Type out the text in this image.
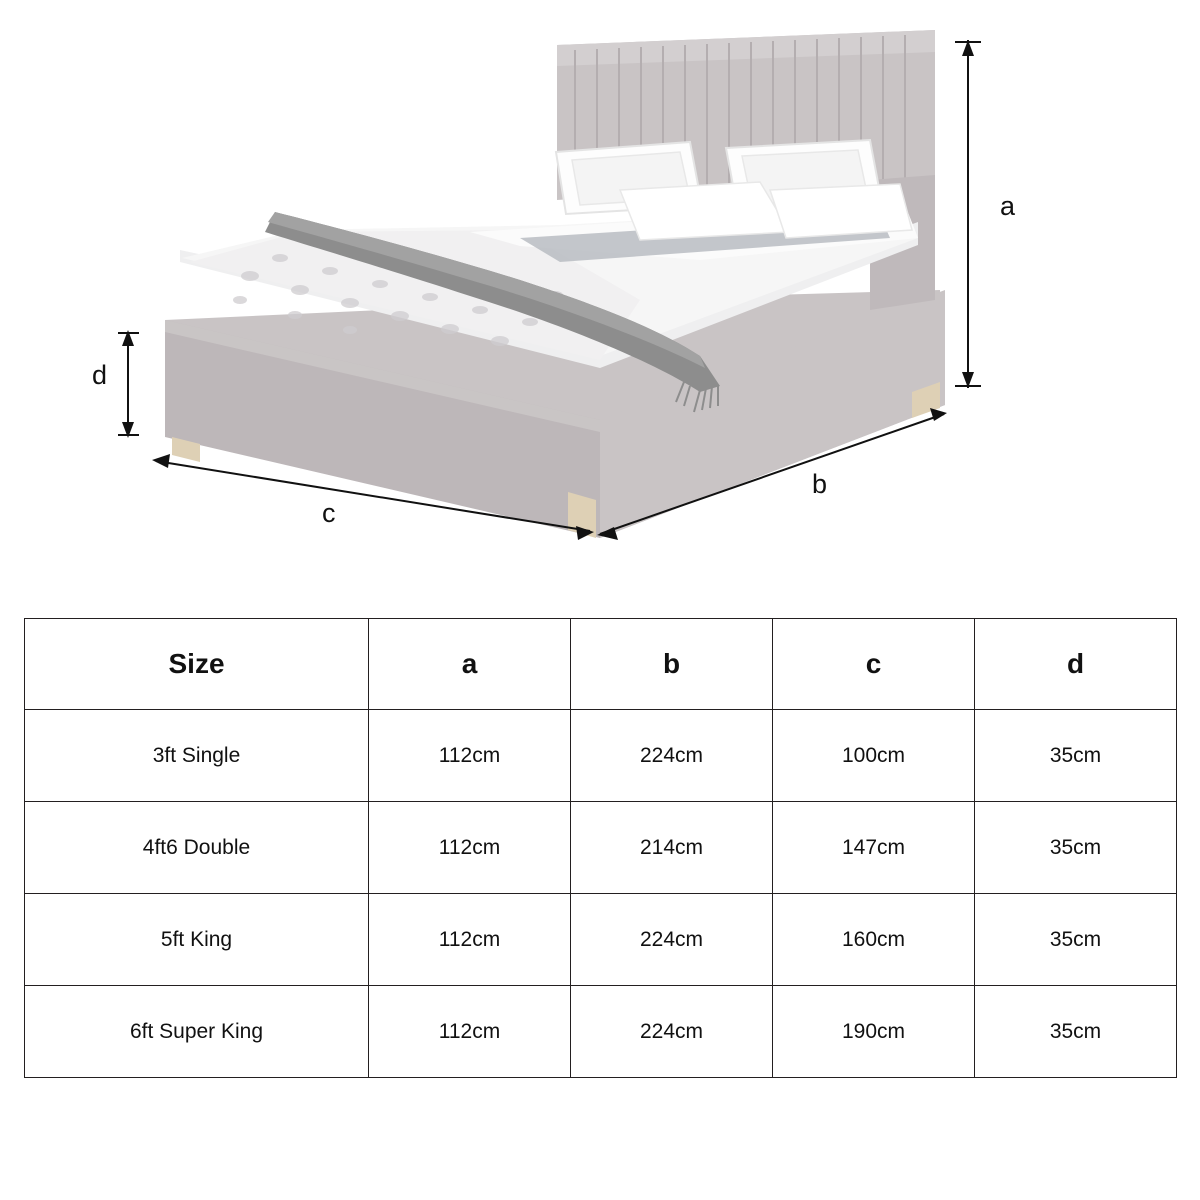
a
b
c
d
Size	a	b	c	d
3ft Single	112cm	224cm	100cm	35cm
4ft6 Double	112cm	214cm	147cm	35cm
5ft King	112cm	224cm	160cm	35cm
6ft Super King	112cm	224cm	190cm	35cm
